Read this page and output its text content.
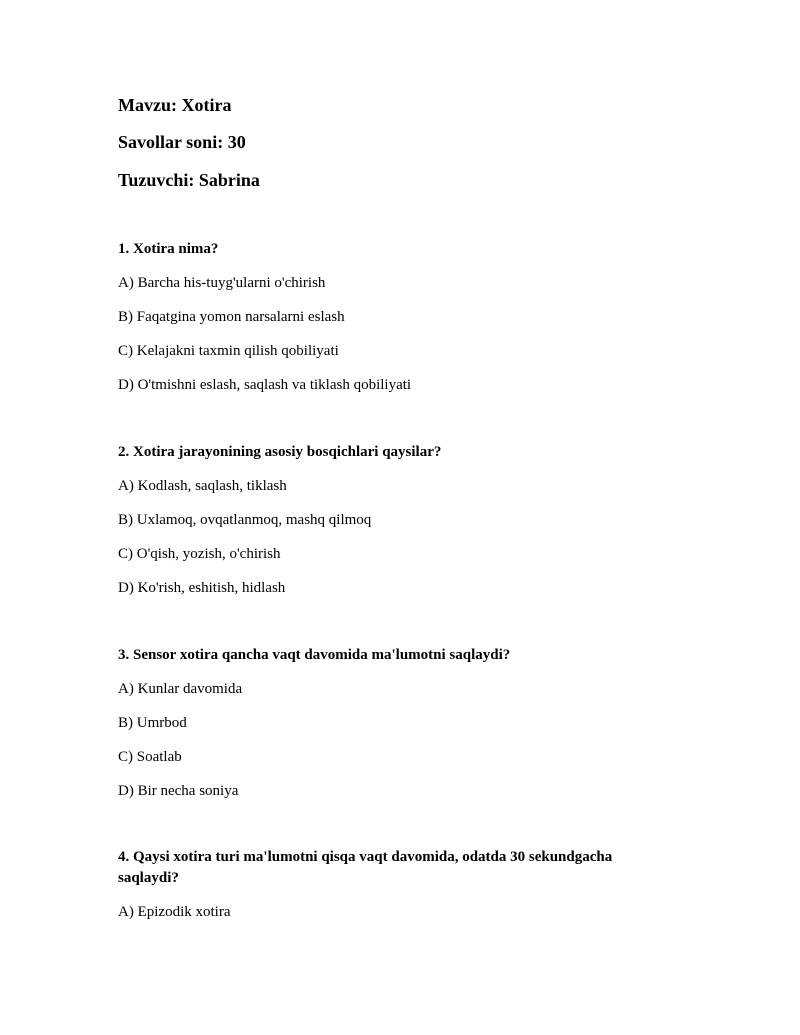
Mavzu: Xotira
Savollar soni: 30
Tuzuvchi: Sabrina

1. Xotira nima?

A) Barcha his-tuyg'ularni o'chirish

B) Faqatgina yomon narsalarni eslash

C) Kelajakni taxmin qilish qobiliyati

D) O'tmishni eslash, saqlash va tiklash qobiliyati

2. Xotira jarayonining asosiy bosqichlari qaysilar?

A) Kodlash, saqlash, tiklash

B) Uxlamoq, ovqatlanmoq, mashq qilmoq

C) O'qish, yozish, o'chirish

D) Ko'rish, eshitish, hidlash

3. Sensor xotira qancha vaqt davomida ma'lumotni saqlaydi?

A) Kunlar davomida

B) Umrbod

C) Soatlab

D) Bir necha soniya

4. Qaysi xotira turi ma'lumotni qisqa vaqt davomida, odatda 30 sekundgacha saqlaydi?

A) Epizodik xotira
